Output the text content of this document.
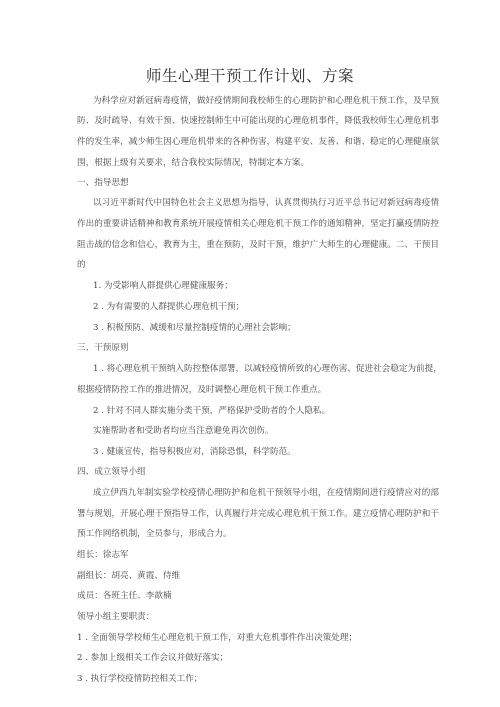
师生心理干预工作计划、方案
为科学应对新冠病毒疫情，做好疫情期间我校师生的心理防护和心理危机干预工作，及早预
防、及时疏导、有效干预、快速控制师生中可能出现的心理危机事件，降低我校师生心理危机事
件的发生率，减少师生因心理危机带来的各种伤害，构建平安、友善、和谐、稳定的心理健康氛
围，根据上级有关要求，结合我校实际情况，特制定本方案。
一、指导思想
以习近平新时代中国特色社会主义思想为指导，认真贯彻执行习近平总书记对新冠病毒疫情
作出的重要讲话精神和教育系统开展疫情相关心理危机干预工作的通知精神，坚定打赢疫情防控
阻击战的信念和信心，教育为主，重在预防，及时干预，维护广大师生的心理健康。二、干预目
的
1. 为受影响人群提供心理健康服务；
2 . 为有需要的人群提供心理危机干预；
3 . 积极预防、减缓和尽量控制疫情的心理社会影响；
三、干预原则
1 . 将心理危机干预纳入防控整体部署，以减轻疫情所致的心理伤害、促进社会稳定为前提，
根据疫情防控工作的推进情况，及时调整心理危机干预工作重点。
2 . 针对不同人群实施分类干预，严格保护受助者的个人隐私。
实施帮助者和受助者均应当注意避免再次创伤。
3 . 健康宣传，指导积极应对，消除恐惧，科学防范。
四、成立领导小组
成立伊西九年制实验学校疫情心理防护和危机干预领导小组，在疫情期间进行疫情应对的部
署与规划，开展心理干预指导工作，认真履行并完成心理危机干预工作。建立疫情心理防护和干
预工作网络机制，全员参与，形成合力。
组长：徐志军
副组长：胡亮、黄霞、侍维
成员：各班主任、李歆楠
领导小组主要职责：
1 . 全面领导学校师生心理危机干预工作，对重大危机事件作出决策处理；
2 . 参加上级相关工作会议并做好落实；
3 . 执行学校疫情防控相关工作；
